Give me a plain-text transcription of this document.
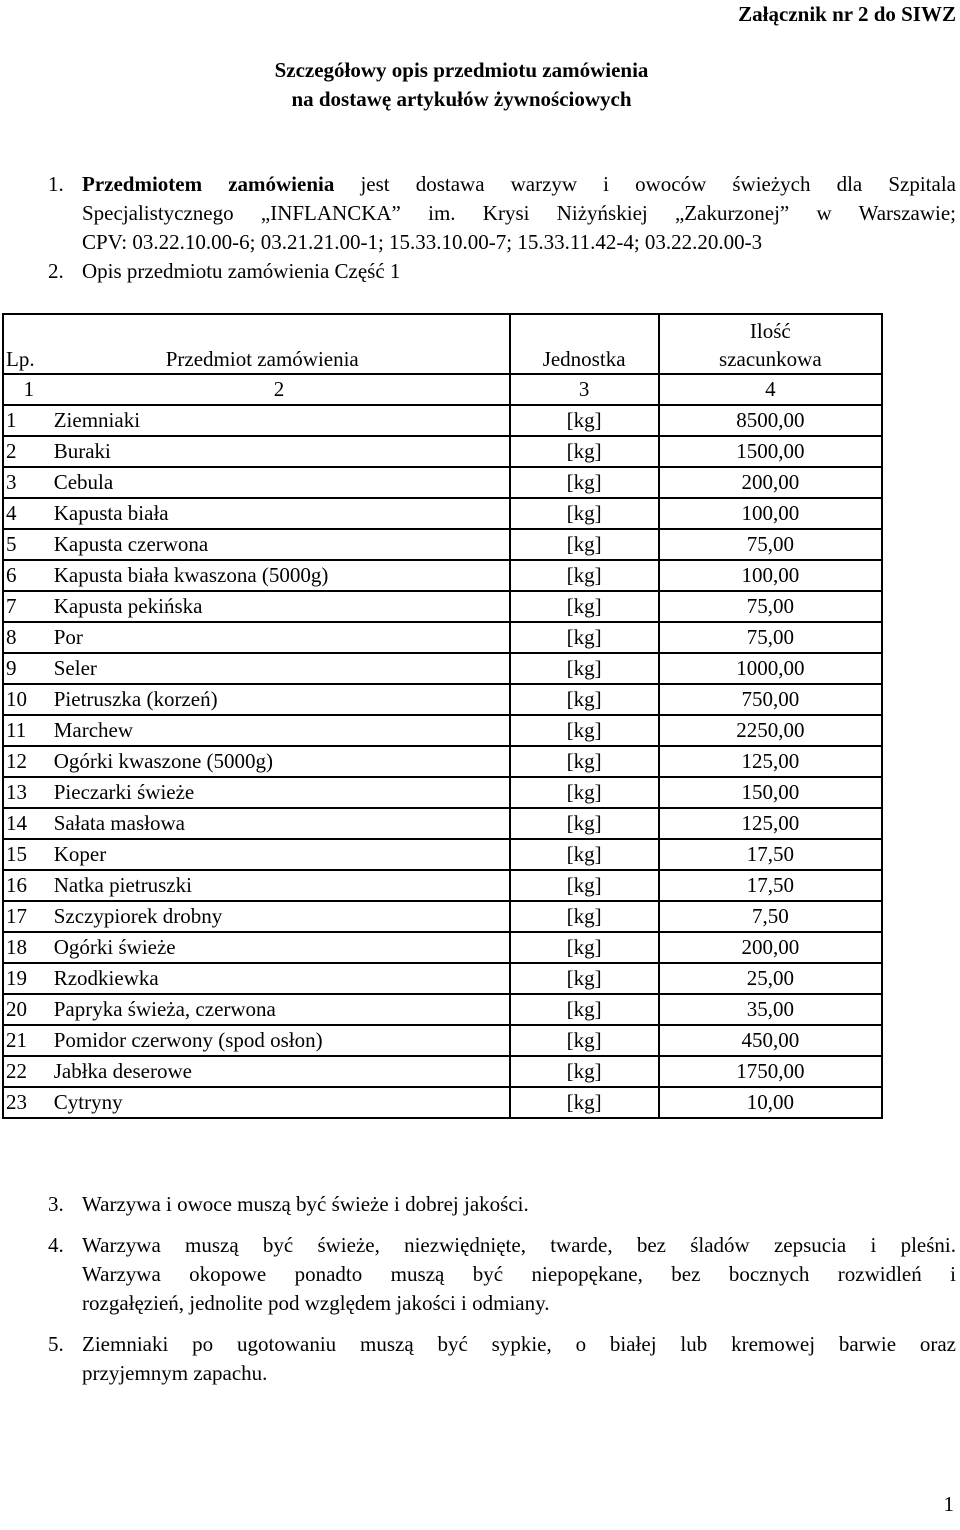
Załącznik nr 2 do SIWZ
Szczegółowy opis przedmiotu zamówienia
na dostawę artykułów żywnościowych
1. Przedmiotem zamówienia jest dostawa warzyw i owoców świeżych dla Szpitala
Specjalistycznego „INFLANCKA” im. Krysi Niżyńskiej „Zakurzonej” w Warszawie;
CPV: 03.22.10.00-6; 03.21.21.00-1; 15.33.10.00-7; 15.33.11.42-4; 03.22.20.00-3
2. Opis przedmiotu zamówienia Część 1
Lp.	Przedmiot zamówienia	Jednostka	Ilość
szacunkowa

1	2	3	4
1	Ziemniaki	[kg]	8500,00
2	Buraki	[kg]	1500,00
3	Cebula	[kg]	200,00
4	Kapusta biała	[kg]	100,00
5	Kapusta czerwona	[kg]	75,00
6	Kapusta biała kwaszona (5000g)	[kg]	100,00
7	Kapusta pekińska	[kg]	75,00
8	Por	[kg]	75,00
9	Seler	[kg]	1000,00
10	Pietruszka (korzeń)	[kg]	750,00
11	Marchew	[kg]	2250,00
12	Ogórki kwaszone (5000g)	[kg]	125,00
13	Pieczarki świeże	[kg]	150,00
14	Sałata masłowa	[kg]	125,00
15	Koper	[kg]	17,50
16	Natka pietruszki	[kg]	17,50
17	Szczypiorek drobny	[kg]	7,50
18	Ogórki świeże	[kg]	200,00
19	Rzodkiewka	[kg]	25,00
20	Papryka świeża, czerwona	[kg]	35,00
21	Pomidor czerwony (spod osłon)	[kg]	450,00
22	Jabłka deserowe	[kg]	1750,00
23	Cytryny	[kg]	10,00
3. Warzywa i owoce muszą być świeże i dobrej jakości.
4. Warzywa muszą być świeże, niezwiędnięte, twarde, bez śladów zepsucia i pleśni.
Warzywa okopowe ponadto muszą być niepopękane, bez bocznych rozwidleń i
rozgałęzień, jednolite pod względem jakości i odmiany.
5. Ziemniaki po ugotowaniu muszą być sypkie, o białej lub kremowej barwie oraz
przyjemnym zapachu.
1
